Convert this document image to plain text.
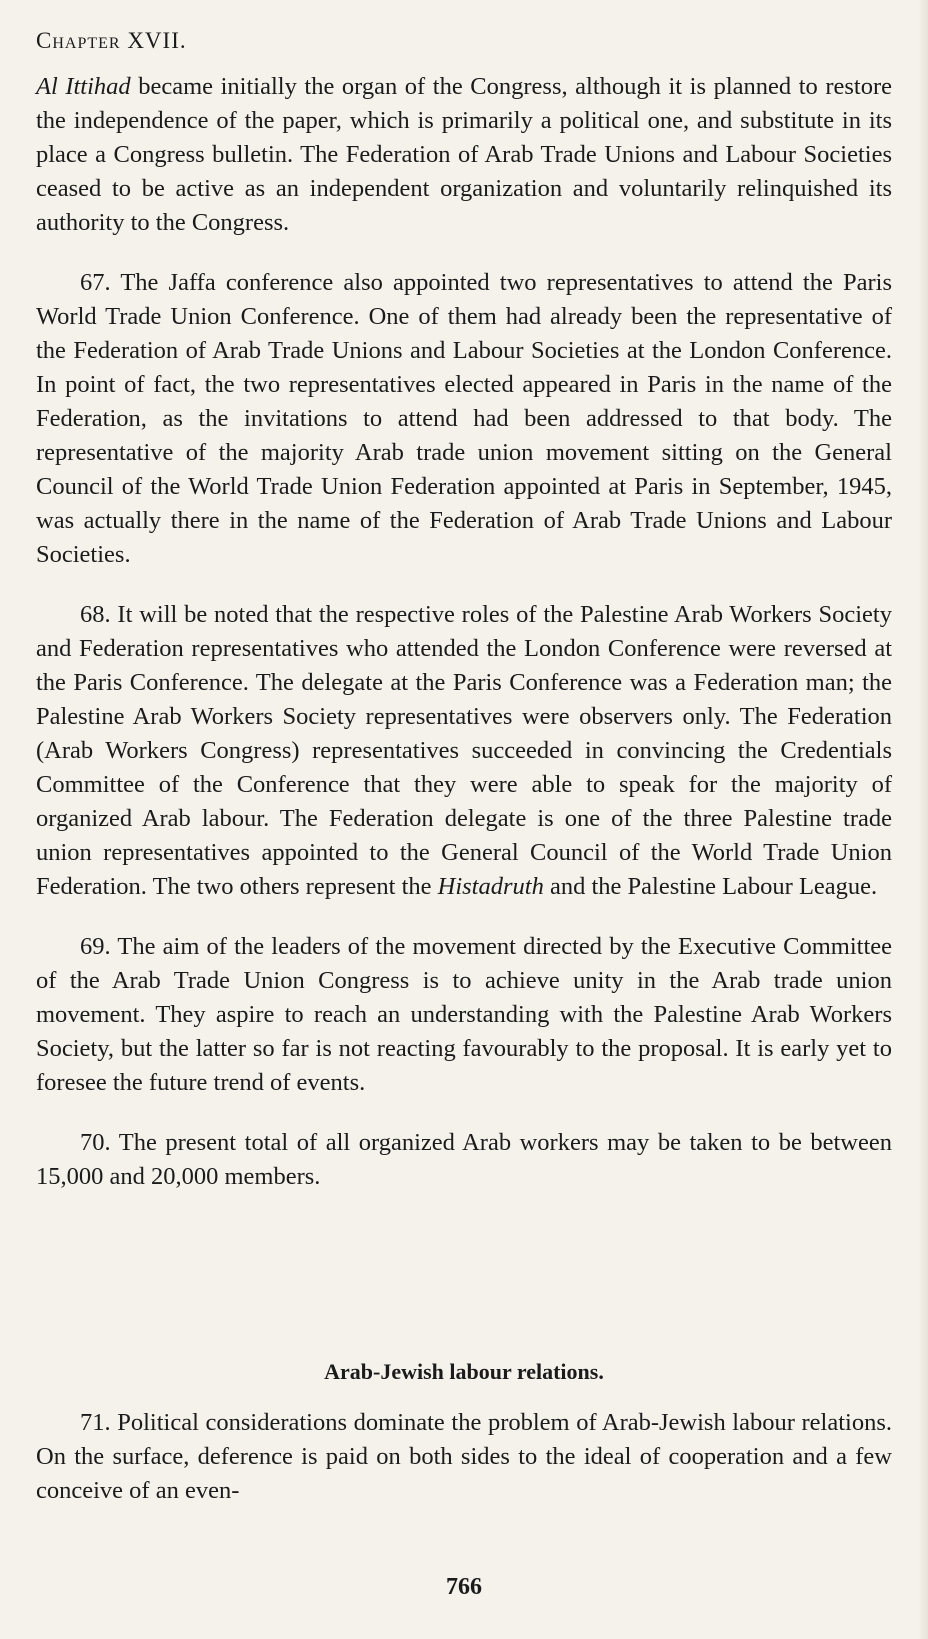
Chapter XVII.

Al Ittihad became initially the organ of the Congress, although it is planned to restore the independence of the paper, which is primarily a political one, and substitute in its place a Congress bulletin. The Federation of Arab Trade Unions and Labour Societies ceased to be active as an independent organization and voluntarily relinquished its authority to the Congress.

67. The Jaffa conference also appointed two representatives to attend the Paris World Trade Union Conference. One of them had already been the representative of the Federation of Arab Trade Unions and Labour Societies at the London Conference. In point of fact, the two representatives elected appeared in Paris in the name of the Federation, as the invitations to attend had been addressed to that body. The representative of the majority Arab trade union movement sitting on the General Council of the World Trade Union Federation appointed at Paris in September, 1945, was actually there in the name of the Federation of Arab Trade Unions and Labour Societies.

68. It will be noted that the respective roles of the Palestine Arab Workers Society and Federation representatives who attended the London Conference were reversed at the Paris Conference. The delegate at the Paris Conference was a Federation man; the Palestine Arab Workers Society representatives were observers only. The Federation (Arab Workers Congress) representatives succeeded in convincing the Credentials Committee of the Conference that they were able to speak for the majority of organized Arab labour. The Federation delegate is one of the three Palestine trade union representatives appointed to the General Council of the World Trade Union Federation. The two others represent the Histadruth and the Palestine Labour League.

69. The aim of the leaders of the movement directed by the Executive Committee of the Arab Trade Union Congress is to achieve unity in the Arab trade union movement. They aspire to reach an understanding with the Palestine Arab Workers Society, but the latter so far is not reacting favourably to the proposal. It is early yet to foresee the future trend of events.

70. The present total of all organized Arab workers may be taken to be between 15,000 and 20,000 members.

Arab-Jewish labour relations.

71. Political considerations dominate the problem of Arab-Jewish labour relations. On the surface, deference is paid on both sides to the ideal of cooperation and a few conceive of an even-

766
